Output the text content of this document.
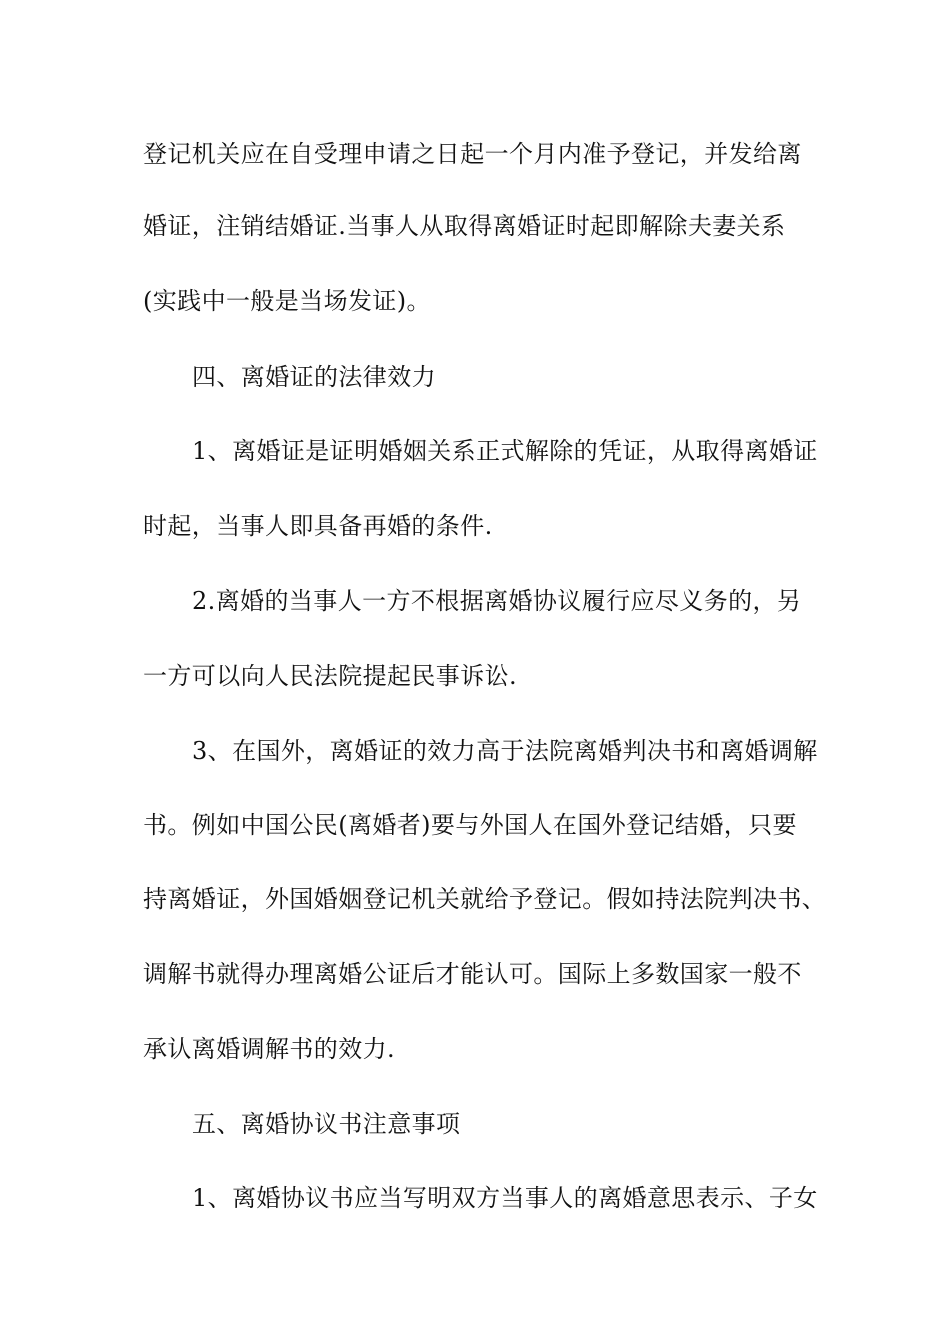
登记机关应在自受理申请之日起一个月内准予登记，并发给离
婚证，注销结婚证.当事人从取得离婚证时起即解除夫妻关系
(实践中一般是当场发证)。
四、离婚证的法律效力
1、离婚证是证明婚姻关系正式解除的凭证，从取得离婚证
时起，当事人即具备再婚的条件.
2.离婚的当事人一方不根据离婚协议履行应尽义务的，另
一方可以向人民法院提起民事诉讼.
3、在国外，离婚证的效力高于法院离婚判决书和离婚调解
书。例如中国公民(离婚者)要与外国人在国外登记结婚，只要
持离婚证，外国婚姻登记机关就给予登记。假如持法院判决书、
调解书就得办理离婚公证后才能认可。国际上多数国家一般不
承认离婚调解书的效力.
五、离婚协议书注意事项
1、离婚协议书应当写明双方当事人的离婚意思表示、子女
